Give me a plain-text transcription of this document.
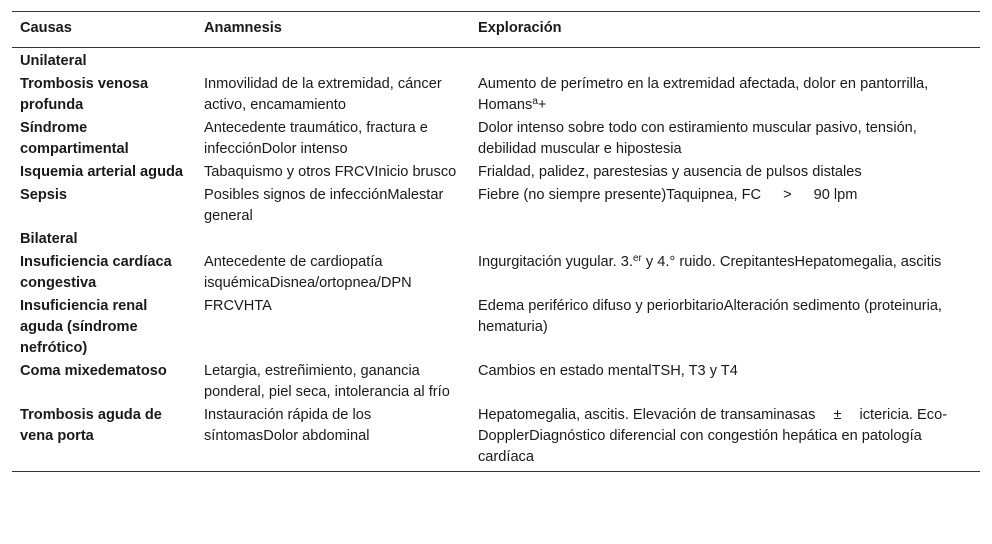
Causas	Anamnesis	Exploración
Unilateral		
Trombosis venosa profunda	Inmovilidad de la extremidad, cáncer activo, encamamiento	Aumento de perímetro en la extremidad afectada, dolor en pantorrilla, Homans$^a$+
Síndrome compartimental	Antecedente traumático, fractura e infecciónDolor intenso	Dolor intenso sobre todo con estiramiento muscular pasivo, tensión, debilidad muscular e hipostesia
Isquemia arterial aguda	Tabaquismo y otros FRCVInicio brusco	Frialdad, palidez, parestesias y ausencia de pulsos distales
Sepsis	Posibles signos de infecciónMalestar general	Fiebre (no siempre presente)Taquipnea, FC > 90 lpm
Bilateral		
Insuficiencia cardíaca congestiva	Antecedente de cardiopatía isquémicaDisnea/ortopnea/DPN	Ingurgitación yugular. 3.$^{er}$ y 4.° ruido. CrepitantesHepatomegalia, ascitis
Insuficiencia renal aguda (síndrome nefrótico)	FRCVHTA	Edema periférico difuso y periorbitarioAlteración sedimento (proteinuria, hematuria)
Coma mixedematoso	Letargia, estreñimiento, ganancia ponderal, piel seca, intolerancia al frío	Cambios en estado mentalTSH, T3 y T4
Trombosis aguda de vena porta	Instauración rápida de los síntomasDolor abdominal	Hepatomegalia, ascitis. Elevación de transaminasas ± ictericia. Eco-DopplerDiagnóstico diferencial con congestión hepática en patología cardíaca
